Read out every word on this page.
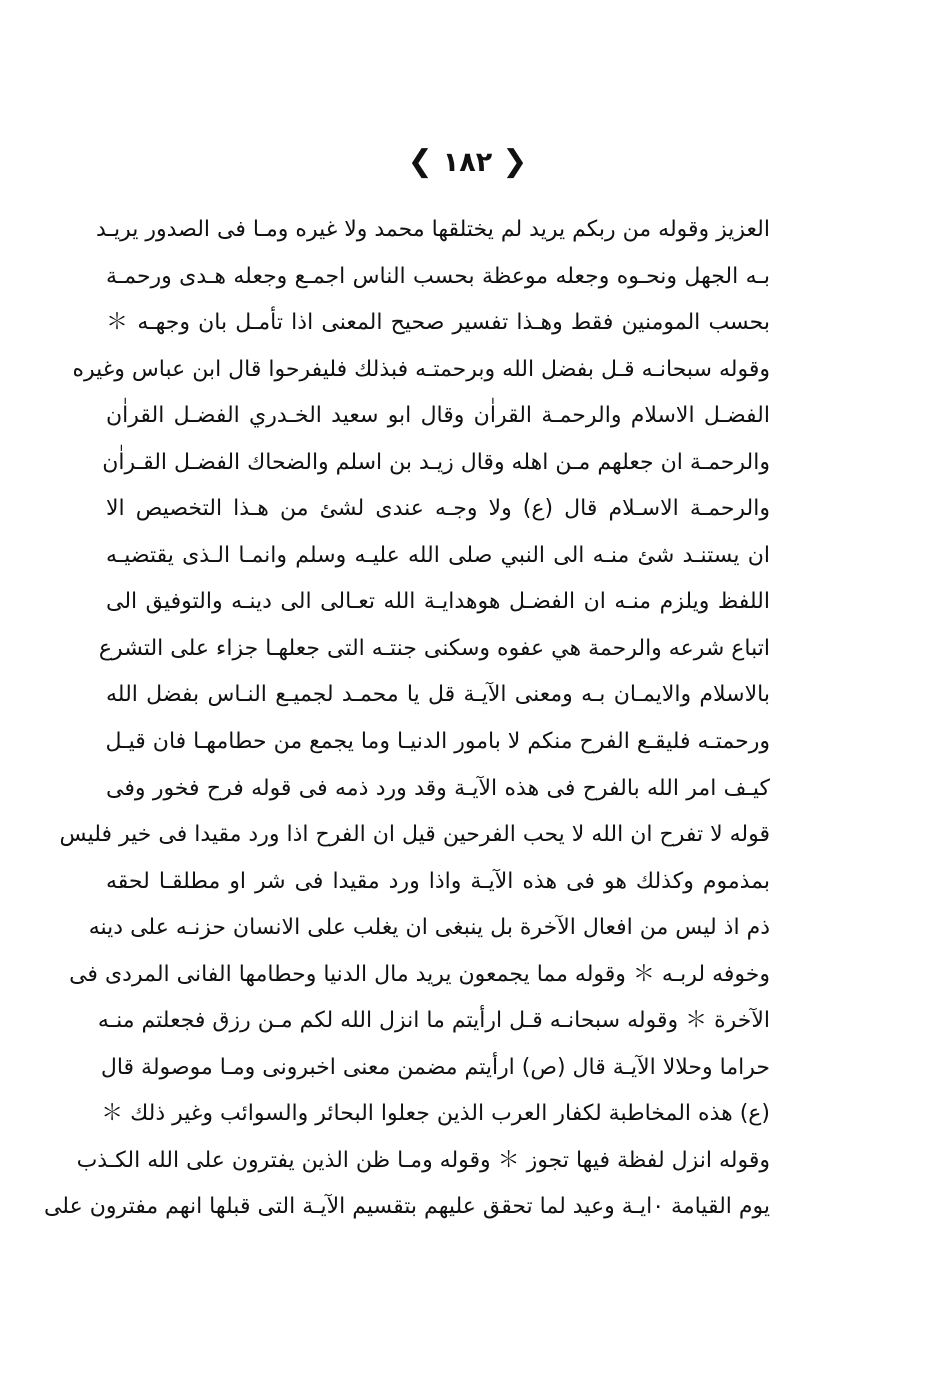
❮ ١٨٢ ❯
العزيز وقوله من ربكم يريد لم يختلقها محمد ولا غيره ومـا فى الصدور يريـد
بـه الجهل ونحـوه وجعله موعظة بحسب الناس اجمـع وجعله هـدى ورحمـة
بحسب المومنين فقط وهـذا تفسير صحيح المعنى اذا تأمـل بان وجهـه ＊
وقوله سبحانـه قـل بفضل الله وبرحمتـه فبذلك فليفرحوا قال ابن عباس وغيره
الفضـل الاسلام والرحمـة القراٰن وقال ابو سعيد الخـدري الفضـل القراٰن
والرحمـة ان جعلهم مـن اهله وقال زيـد بن اسلم والضحاك الفضـل القـراٰن
والرحمـة الاسـلام قال (ع) ولا وجـه عندى لشئ من هـذا التخصيص الا
ان يستنـد شئ منـه الى النبي صلى الله عليـه وسلم وانمـا الـذى يقتضيـه
اللفظ ويلزم منـه ان الفضـل هوهدايـة الله تعـالى الى دينـه والتوفيق الى
اتباع شرعه والرحمة هي عفوه وسكنى جنتـه التى جعلهـا جزاء على التشرع
بالاسلام والايمـان بـه ومعنى الآيـة قل يا محمـد لجميـع النـاس بفضل الله
ورحمتـه فليقـع الفرح منكم لا بامور الدنيـا وما يجمع من حطامهـا فان قيـل
كيـف امر الله بالفرح فى هذه الآيـة وقد ورد ذمه فى قوله فرح فخور وفى
قوله لا تفرح ان الله لا يحب الفرحين قيل ان الفرح اذا ورد مقيدا فى خير فليس
بمذموم وكذلك هو فى هذه الآيـة واذا ورد مقيدا فى شر او مطلقـا لحقه
ذم اذ ليس من افعال الآخرة بل ينبغى ان يغلب على الانسان حزنـه على دينه
وخوفه لربـه ＊ وقوله مما يجمعون يريد مال الدنيا وحطامها الفانى المردى فى
الآخرة ＊ وقوله سبحانـه قـل ارأيتم ما انزل الله لكم مـن رزق فجعلتم منـه
حراما وحلالا الآيـة قال (ص) ارأيتم مضمن معنى اخبرونى ومـا موصولة قال
(ع) هذه المخاطبة لكفار العرب الذين جعلوا البحائر والسوائب وغير ذلك ＊
وقوله انزل لفظة فيها تجوز ＊ وقوله ومـا ظن الذين يفترون على الله الكـذب
يوم القيامة ٠ايـة وعيد لما تحقق عليهم بتقسيم الآيـة التى قبلها انهم مفترون على
